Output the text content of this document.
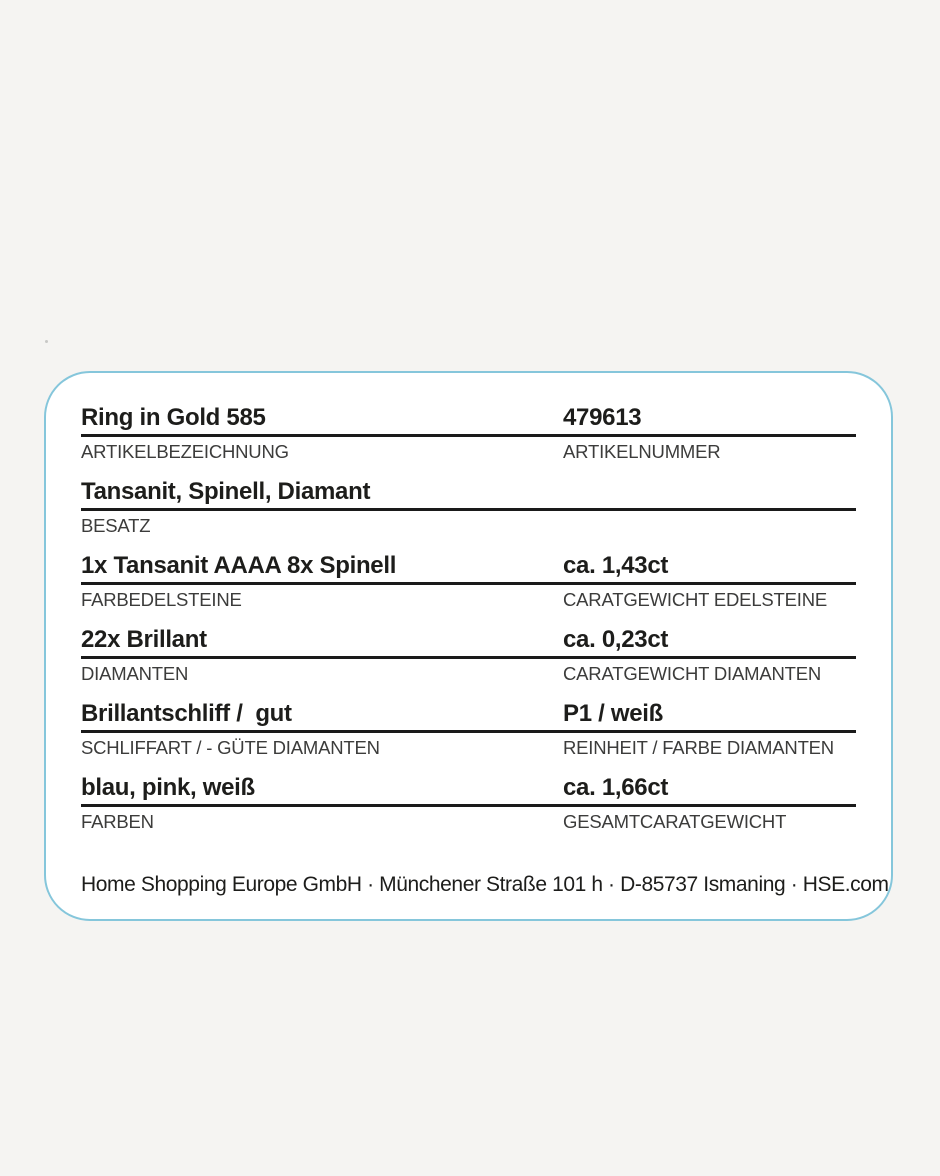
Ring in Gold 585	479613
ARTIKELBEZEICHNUNG	ARTIKELNUMMER
Tansanit, Spinell, Diamant
BESATZ
1x Tansanit AAAA 8x Spinell	ca. 1,43ct
FARBEDELSTEINE	CARATGEWICHT EDELSTEINE
22x Brillant	ca. 0,23ct
DIAMANTEN	CARATGEWICHT DIAMANTEN
Brillantschliff /  gut	P1 / weiß
SCHLIFFART / - GÜTE DIAMANTEN	REINHEIT / FARBE DIAMANTEN
blau, pink, weiß	ca. 1,66ct
FARBEN	GESAMTCARATGEWICHT
Home Shopping Europe GmbH · Münchener Straße 101 h · D-85737 Ismaning · HSE.com
